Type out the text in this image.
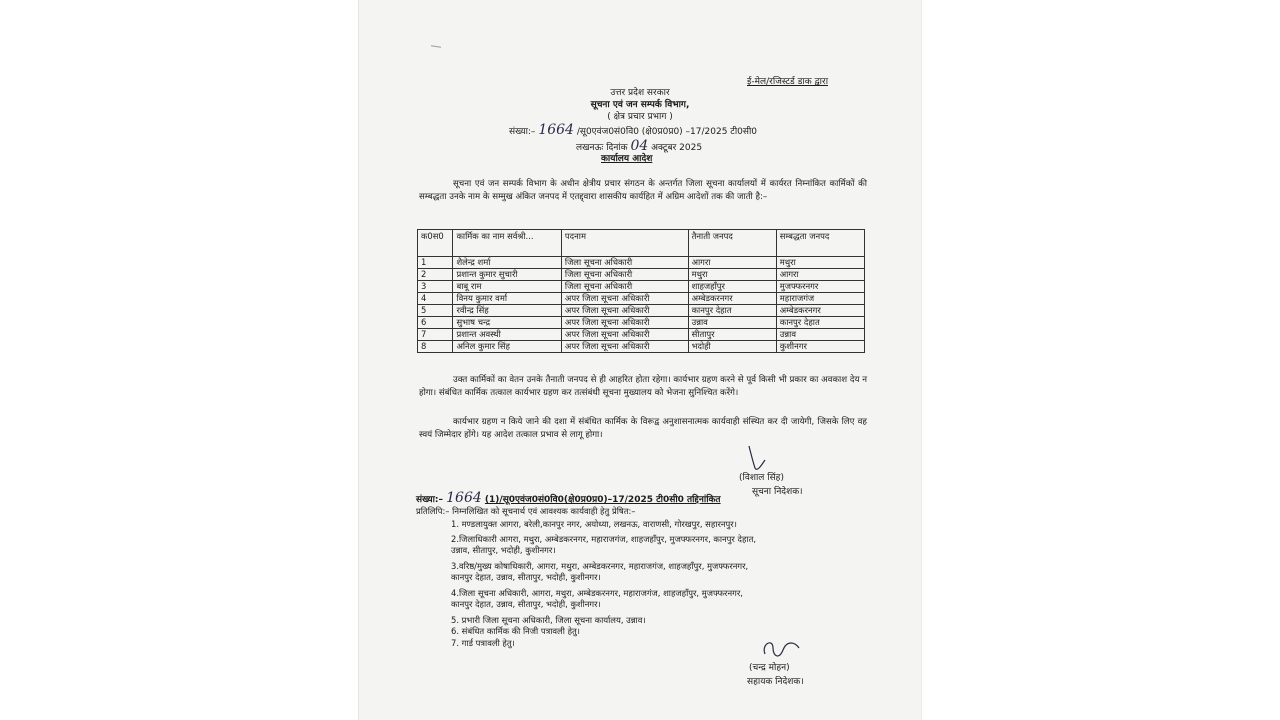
ई-मेल/रजिस्टर्ड डाक द्वारा
उत्तर प्रदेश सरकार
सूचना एवं जन सम्पर्क विभाग,
( क्षेत्र प्रचार प्रभाग )
संख्या:– 1664 /सू0एवंज0सं0वि0 (क्षे0प्र0प्र0) –17/2025 टी0सी0
लखनऊः दिनांक 04 अक्टूबर 2025
कार्यालय आदेश
सूचना एवं जन सम्पर्क विभाग के अधीन क्षेत्रीय प्रचार संगठन के अन्तर्गत जिला सूचना कार्यालयों में कार्यरत निम्नांकित कार्मिकों की सम्बद्धता उनके नाम के सम्मुख अंकित जनपद में एतद्द्वारा शासकीय कार्यहित में अग्रिम आदेशों तक की जाती है:–
क0स0	कार्मिक का नाम सर्वश्री...	पदनाम	तैनाती जनपद	सम्बद्धता जनपद
1	शैलेन्द्र शर्मा	जिला सूचना अधिकारी	आगरा	मथुरा
2	प्रशान्त कुमार सुचारी	जिला सूचना अधिकारी	मथुरा	आगरा
3	बाबू राम	जिला सूचना अधिकारी	शाहजहाँपुर	मुजफ्फरनगर
4	विनय कुमार वर्मा	अपर जिला सूचना अधिकारी	अम्बेडकरनगर	महाराजगंज
5	रवीन्द्र सिंह	अपर जिला सूचना अधिकारी	कानपुर देहात	अम्बेडकरनगर
6	सुभाष चन्द्र	अपर जिला सूचना अधिकारी	उन्नाव	कानपुर देहात
7	प्रशान्त अवस्थी	अपर जिला सूचना अधिकारी	सीतापुर	उन्नाव
8	अनिल कुमार सिंह	अपर जिला सूचना अधिकारी	भदोही	कुशीनगर
उक्त कार्मिकों का वेतन उनके तैनाती जनपद से ही आहरित होता रहेगा। कार्यभार ग्रहण करने से पूर्व किसी भी प्रकार का अवकाश देय न होगा। संबंधित कार्मिक तत्काल कार्यभार ग्रहण कर तत्संबंधी सूचना मुख्यालय को भेजना सुनिश्चित करेंगे।
कार्यभार ग्रहण न किये जाने की दशा में संबंधित कार्मिक के विरूद्व अनुशासनात्मक कार्यवाही संस्थित कर दी जायेगी, जिसके लिए वह स्वयं जिम्मेदार होंगे। यह आदेश तत्काल प्रभाव से लागू होगा।
(विशाल सिंह)
सूचना निदेशक।
संख्या:– 1664 (1)/सू0एवंज0सं0वि0(क्षे0प्र0प्र0)–17/2025 टी0सी0 तद्दिनांकित
प्रतिलिपि:– निम्नलिखित को सूचनार्थ एवं आवश्यक कार्यवाही हेतु प्रेषित:–
1. मण्डलायुक्त आगरा, बरेली,कानपुर नगर, अयोध्या, लखनऊ, वाराणसी, गोरखपुर, सहारनपुर।
2.जिलाधिकारी आगरा, मथुरा, अम्बेडकरनगर, महाराजगंज, शाहजहाँपुर, मुजफ्फरनगर, कानपुर देहात,
उन्नाव, सीतापुर, भदोही, कुशीनगर।
3.वरिष्ठ/मुख्य कोषाधिकारी, आगरा, मथुरा, अम्बेडकरनगर, महाराजगंज, शाहजहाँपुर, मुजफ्फरनगर,
कानपुर देहात, उन्नाव, सीतापुर, भदोही, कुशीनगर।
4.जिला सूचना अधिकारी, आगरा, मथुरा, अम्बेडकरनगर, महाराजगंज, शाहजहाँपुर, मुजफ्फरनगर,
कानपुर देहात, उन्नाव, सीतापुर, भदोही, कुशीनगर।
5. प्रभारी जिला सूचना अधिकारी, जिला सूचना कार्यालय, उन्नाव।
6. संबंधित कार्मिक की निजी पत्रावली हेतु।
7. गार्ड पत्रावली हेतु।
(चन्द्र मोहन)
सहायक निदेशक।
